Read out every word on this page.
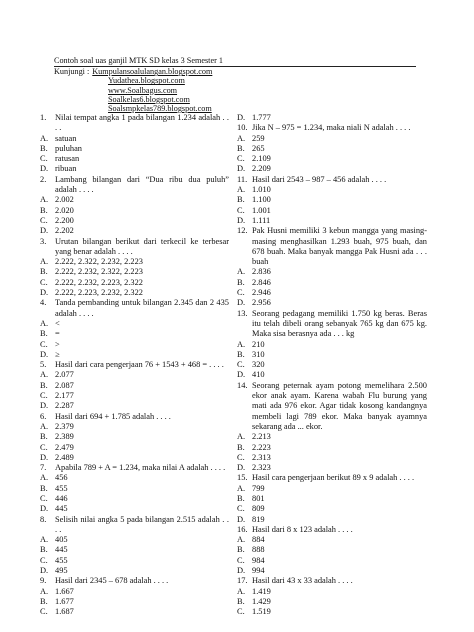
Contoh soal uas ganjil MTK SD kelas 3 Semester 1
Kunjungi : Kumpulansoalulangan.blogspot.com
Yudathea.blogspot.com
www.Soalbagus.com
Soalkelas6.blogspot.com
Soalsmpkelas789.blogspot.com
1.	Nilai tempat angka 1 pada bilangan 1.234 adalah . . . .
A. satuan
B. puluhan
C. ratusan
D. ribuan
2.	Lambang bilangan dari “Dua ribu dua puluh” adalah . . . .
A. 2.002
B. 2.020
C. 2.200
D. 2.202
3.	Urutan bilangan berikut dari terkecil ke terbesar yang benar adalah . . . .
A. 2.222, 2.322, 2.232, 2.223
B. 2.222, 2.232, 2.322, 2.223
C. 2.222, 2.232, 2.223, 2.322
D. 2.222, 2.223, 2.232, 2.322
4.	Tanda pembanding untuk bilangan 2.345 dan 2 435 adalah . . . .
A. <
B. =
C. >
D. ≥
5.	Hasil dari cara pengerjaan 76 + 1543 + 468 = . . . .
A. 2.077
B. 2.087
C. 2.177
D. 2.287
6.	Hasil dari 694 + 1.785 adalah . . . .
A. 2.379
B. 2.389
C. 2.479
D. 2.489
7.	Apabila 789 + A = 1.234, maka nilai A adalah . . . .
A. 456
B. 455
C. 446
D. 445
8.	Selisih nilai angka 5 pada bilangan 2.515 adalah . . . .
A. 405
B. 445
C. 455
D. 495
9.	Hasil dari 2345 – 678 adalah . . . .
A. 1.667
B. 1.677
C. 1.687
D. 1.777
10. Jika N – 975 = 1.234, maka niali N adalah . . . .
A. 259
B. 265
C. 2.109
D. 2.209
11. Hasil dari 2543 – 987 – 456 adalah . . . .
A. 1.010
B. 1.100
C. 1.001
D. 1.111
12. Pak Husni memiliki 3 kebun mangga yang masing-masing menghasilkan 1.293 buah, 975 buah, dan 678 buah. Maka banyak mangga Pak Husni ada . . . buah
A. 2.836
B. 2.846
C. 2.946
D. 2.956
13. Seorang pedagang memiliki 1.750 kg beras. Beras itu telah dibeli orang sebanyak 765 kg dan 675 kg. Maka sisa berasnya ada . . . kg
A. 210
B. 310
C. 320
D. 410
14. Seorang peternak ayam potong memelihara 2.500 ekor anak ayam. Karena wabah Flu burung yang mati ada 976 ekor. Agar tidak kosong kandangnya membeli lagi 789 ekor. Maka banyak ayamnya sekarang ada ... ekor.
A. 2.213
B. 2.223
C. 2.313
D. 2.323
15. Hasil cara pengerjaan berikut 89 x 9 adalah . . . .
A. 799
B. 801
C. 809
D. 819
16. Hasil dari 8 x 123 adalah . . . .
A. 884
B. 888
C. 984
D. 994
17. Hasil dari 43 x 33 adalah . . . .
A. 1.419
B. 1.429
C. 1.519
